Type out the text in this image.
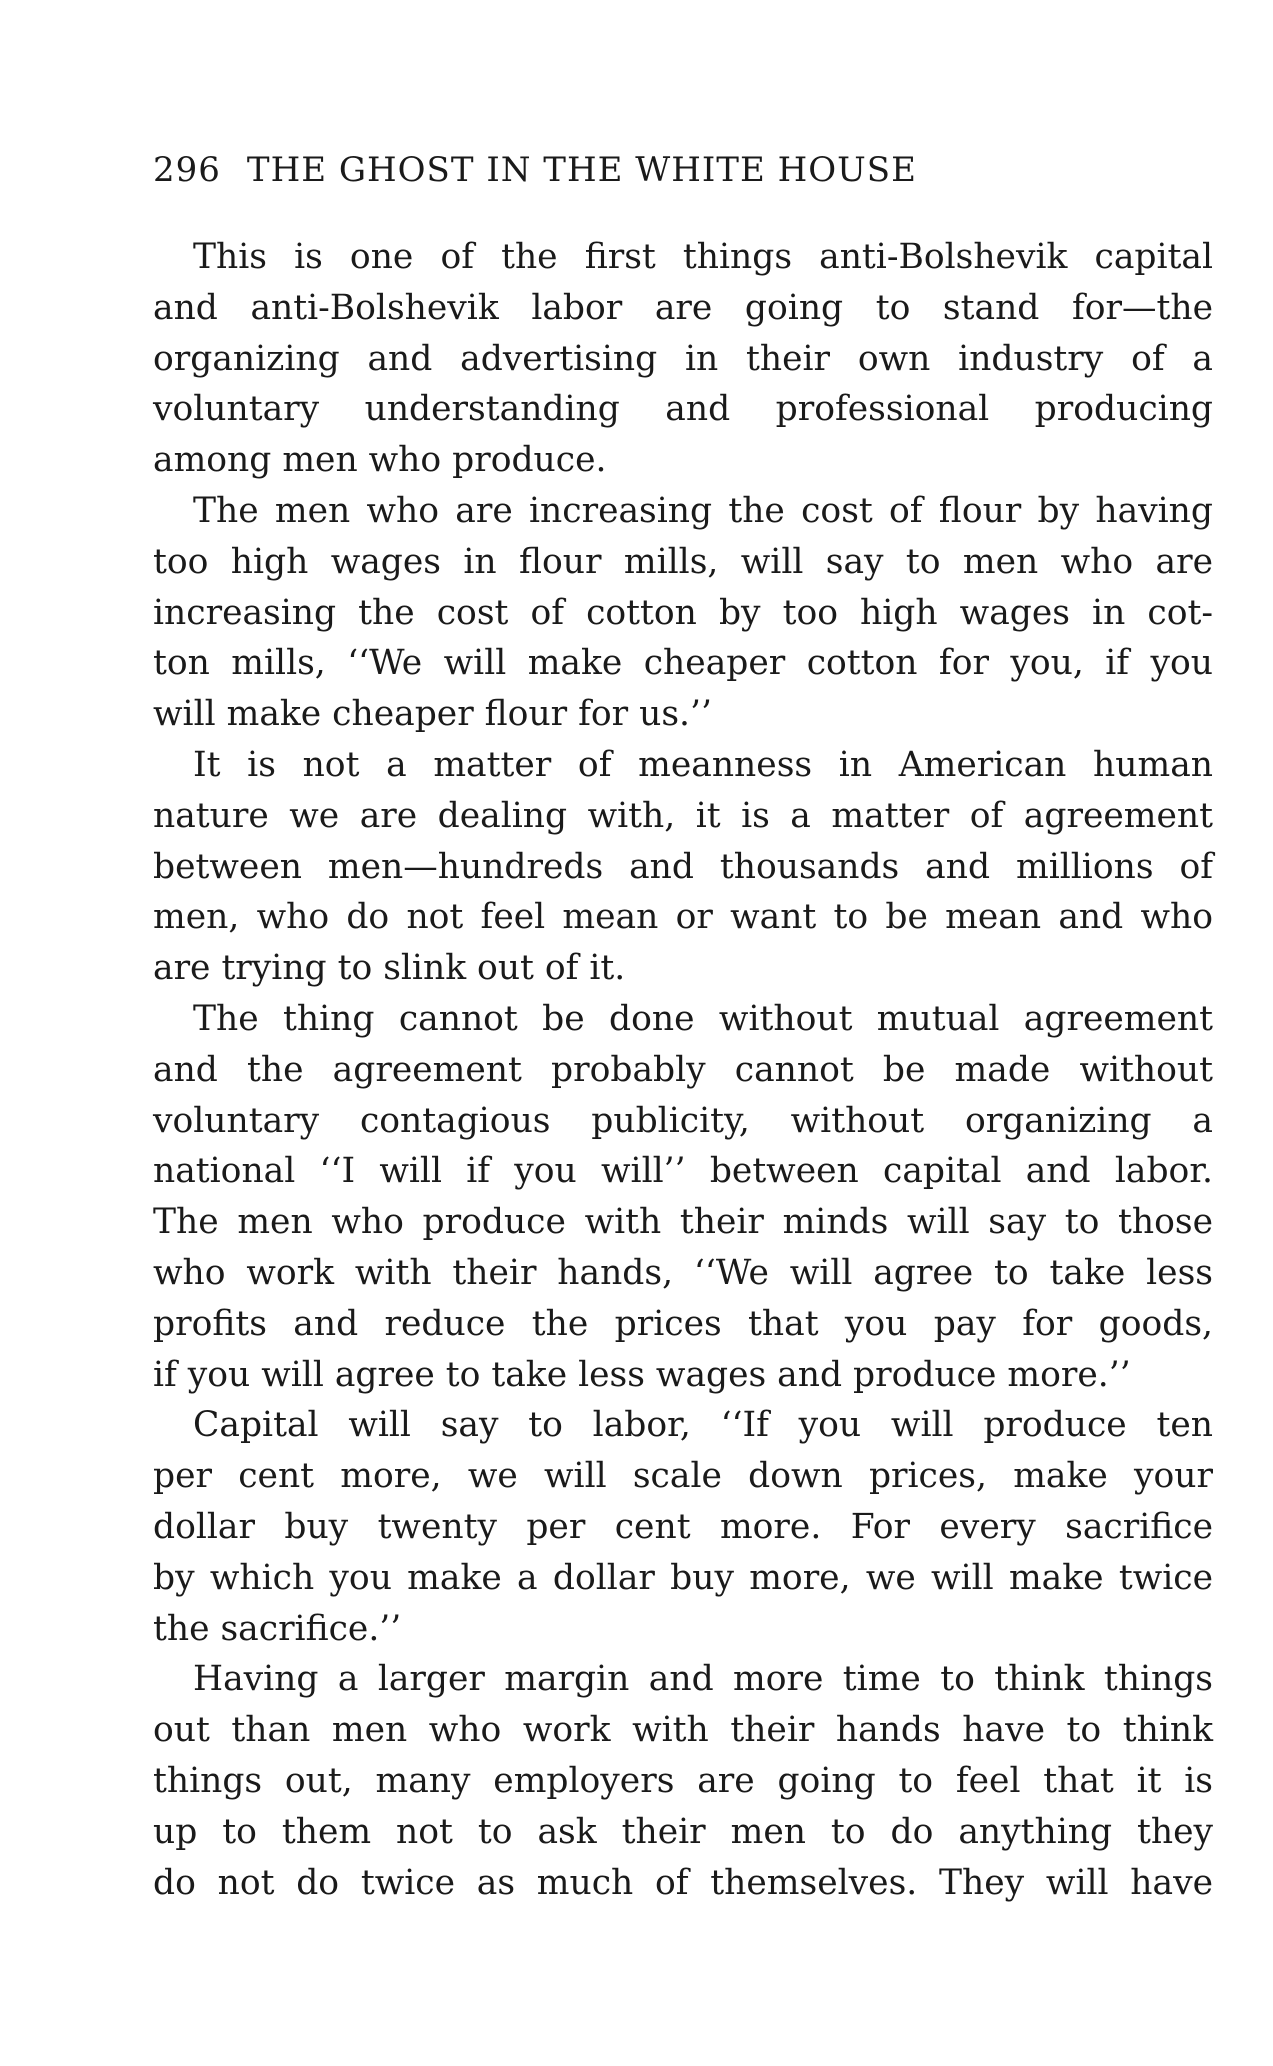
296 THE GHOST IN THE WHITE HOUSE
This is one of the first things anti-Bolshevik capital
and anti-Bolshevik labor are going to stand for—the
organizing and advertising in their own industry of a
voluntary understanding and professional producing
among men who produce.
The men who are increasing the cost of flour by having
too high wages in flour mills, will say to men who are
increasing the cost of cotton by too high wages in cot-
ton mills, ‘‘We will make cheaper cotton for you, if you
will make cheaper flour for us.’’
It is not a matter of meanness in American human
nature we are dealing with, it is a matter of agreement
between men—hundreds and thousands and millions of
men, who do not feel mean or want to be mean and who
are trying to slink out of it.
The thing cannot be done without mutual agreement
and the agreement probably cannot be made without
voluntary contagious publicity, without organizing a
national ‘‘I will if you will’’ between capital and labor.
The men who produce with their minds will say to those
who work with their hands, ‘‘We will agree to take less
profits and reduce the prices that you pay for goods,
if you will agree to take less wages and produce more.’’
Capital will say to labor, ‘‘If you will produce ten
per cent more, we will scale down prices, make your
dollar buy twenty per cent more. For every sacrifice
by which you make a dollar buy more, we will make twice
the sacrifice.’’
Having a larger margin and more time to think things
out than men who work with their hands have to think
things out, many employers are going to feel that it is
up to them not to ask their men to do anything they
do not do twice as much of themselves. They will have
